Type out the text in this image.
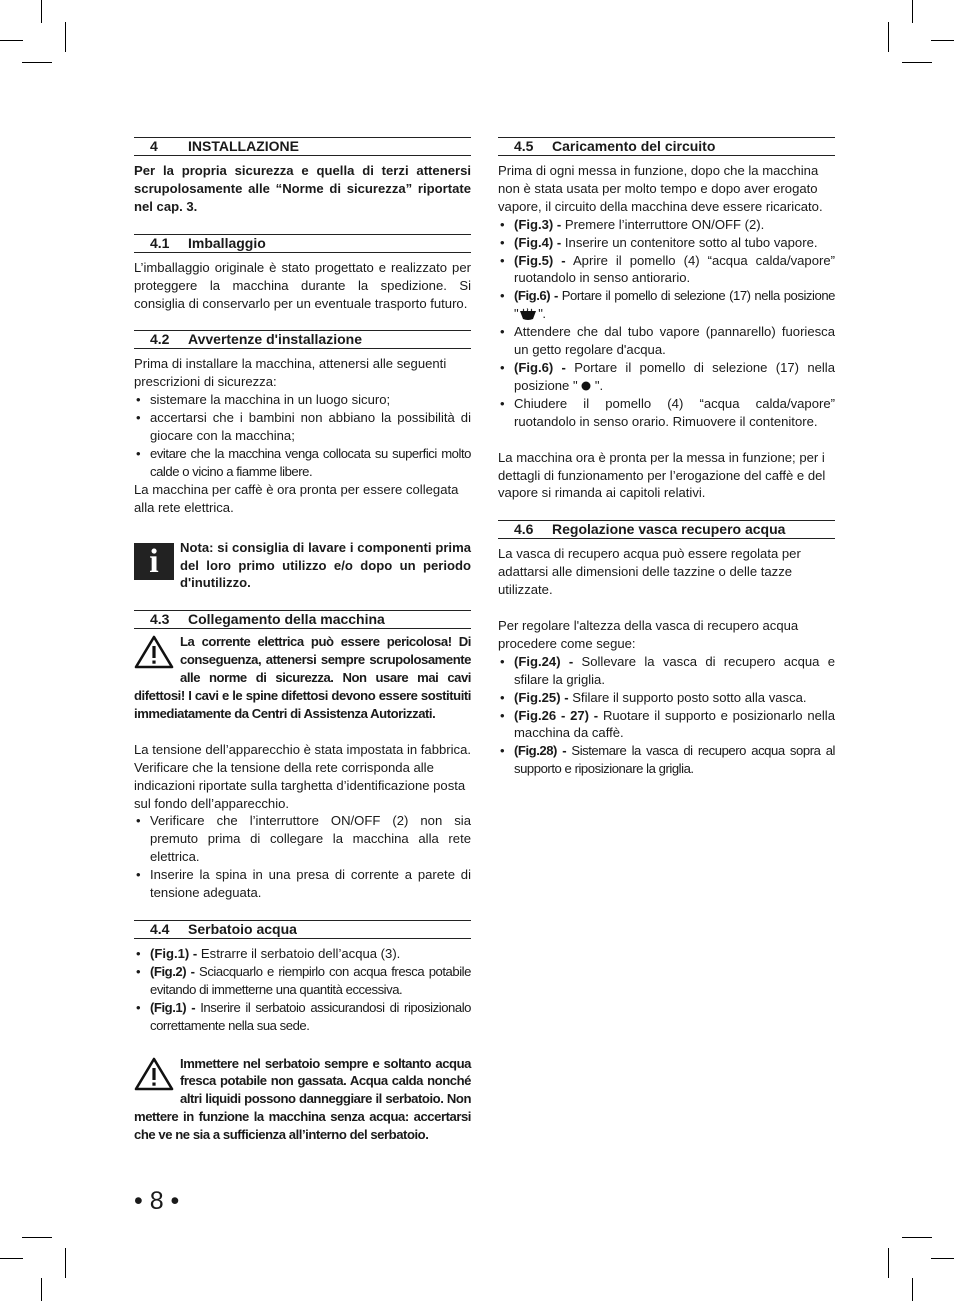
4 INSTALLAZIONE

Per la propria sicurezza e quella di terzi attenersi scrupolosamente alle “Norme di sicurezza” riportate nel cap. 3.

4.1 Imballaggio

L’imballaggio originale è stato progettato e realizzato per proteggere la macchina durante la spedizione. Si consiglia di conservarlo per un eventuale trasporto futuro.

4.2 Avvertenze d'installazione

Prima di installare la macchina, attenersi alle seguenti prescrizioni di sicurezza:

• sistemare la macchina in un luogo sicuro;
• accertarsi che i bambini non abbiano la possibilità di giocare con la macchina;
• evitare che la macchina venga collocata su superfici molto calde o vicino a fiamme libere.

La macchina per caffè è ora pronta per essere collegata alla rete elettrica.

i	Nota: si consiglia di lavare i componenti prima del loro primo utilizzo e/o dopo un periodo d'inutilizzo.
4.3 Collegamento della macchina
La corrente elettrica può essere pericolosa! Di conseguenza, attenersi sempre scrupolosamente alle norme di sicurezza. Non usare mai cavi difettosi! I cavi e le spine difettosi devono essere sostituiti immediatamente da Centri di Assistenza Autorizzati.

La tensione dell’apparecchio è stata impostata in fabbrica. Verificare che la tensione della rete corrisponda alle indicazioni riportate sulla targhetta d’identificazione posta sul fondo dell’apparecchio.

• Verificare che l’interruttore ON/OFF (2) non sia premuto prima di collegare la macchina alla rete elettrica.
• Inserire la spina in una presa di corrente a parete di tensione adeguata.
4.4 Serbatoio acqua
• (Fig.1) - Estrarre il serbatoio dell’acqua (3).
• (Fig.2) - Sciacquarlo e riempirlo con acqua fresca potabile evitando di immetterne una quantità eccessiva.
• (Fig.1) - Inserire il serbatoio assicurandosi di riposizionalo correttamente nella sua sede.
Immettere nel serbatoio sempre e soltanto acqua fresca potabile non gassata. Acqua calda nonché altri liquidi possono danneggiare il serbatoio. Non mettere in funzione la macchina senza acqua: accertarsi che ve ne sia a sufficienza all’interno del serbatoio.
4.5 Caricamento del circuito

Prima di ogni messa in funzione, dopo che la macchina non è stata usata per molto tempo e dopo aver erogato vapore, il circuito della macchina deve essere ricaricato.

• (Fig.3) - Premere l’interruttore ON/OFF (2).
• (Fig.4) - Inserire un contenitore sotto al tubo vapore.
• (Fig.5) - Aprire il pomello (4) “acqua calda/vapore” ruotandolo in senso antiorario.
• (Fig.6) - Portare il pomello di selezione (17) nella posizione " ".
• Attendere che dal tubo vapore (pannarello) fuoriesca un getto regolare d'acqua.
• (Fig.6) - Portare il pomello di selezione (17) nella posizione "  ".
• Chiudere il pomello (4) “acqua calda/vapore” ruotandolo in senso orario. Rimuovere il contenitore.

La macchina ora è pronta per la messa in funzione; per i dettagli di funzionamento per l’erogazione del caffè e del vapore si rimanda ai capitoli relativi.

4.6 Regolazione vasca recupero acqua

La vasca di recupero acqua può essere regolata per adattarsi alle dimensioni delle tazzine o delle tazze utilizzate.

Per regolare l'altezza della vasca di recupero acqua procedere come segue:

• (Fig.24) - Sollevare la vasca di recupero acqua e sfilare la griglia.
• (Fig.25) - Sfilare il supporto posto sotto alla vasca.
• (Fig.26 - 27) - Ruotare il supporto e posizionarlo nella macchina da caffè.
• (Fig.28) - Sistemare la vasca di recupero acqua sopra al supporto e riposizionare la griglia.
• 8 •
